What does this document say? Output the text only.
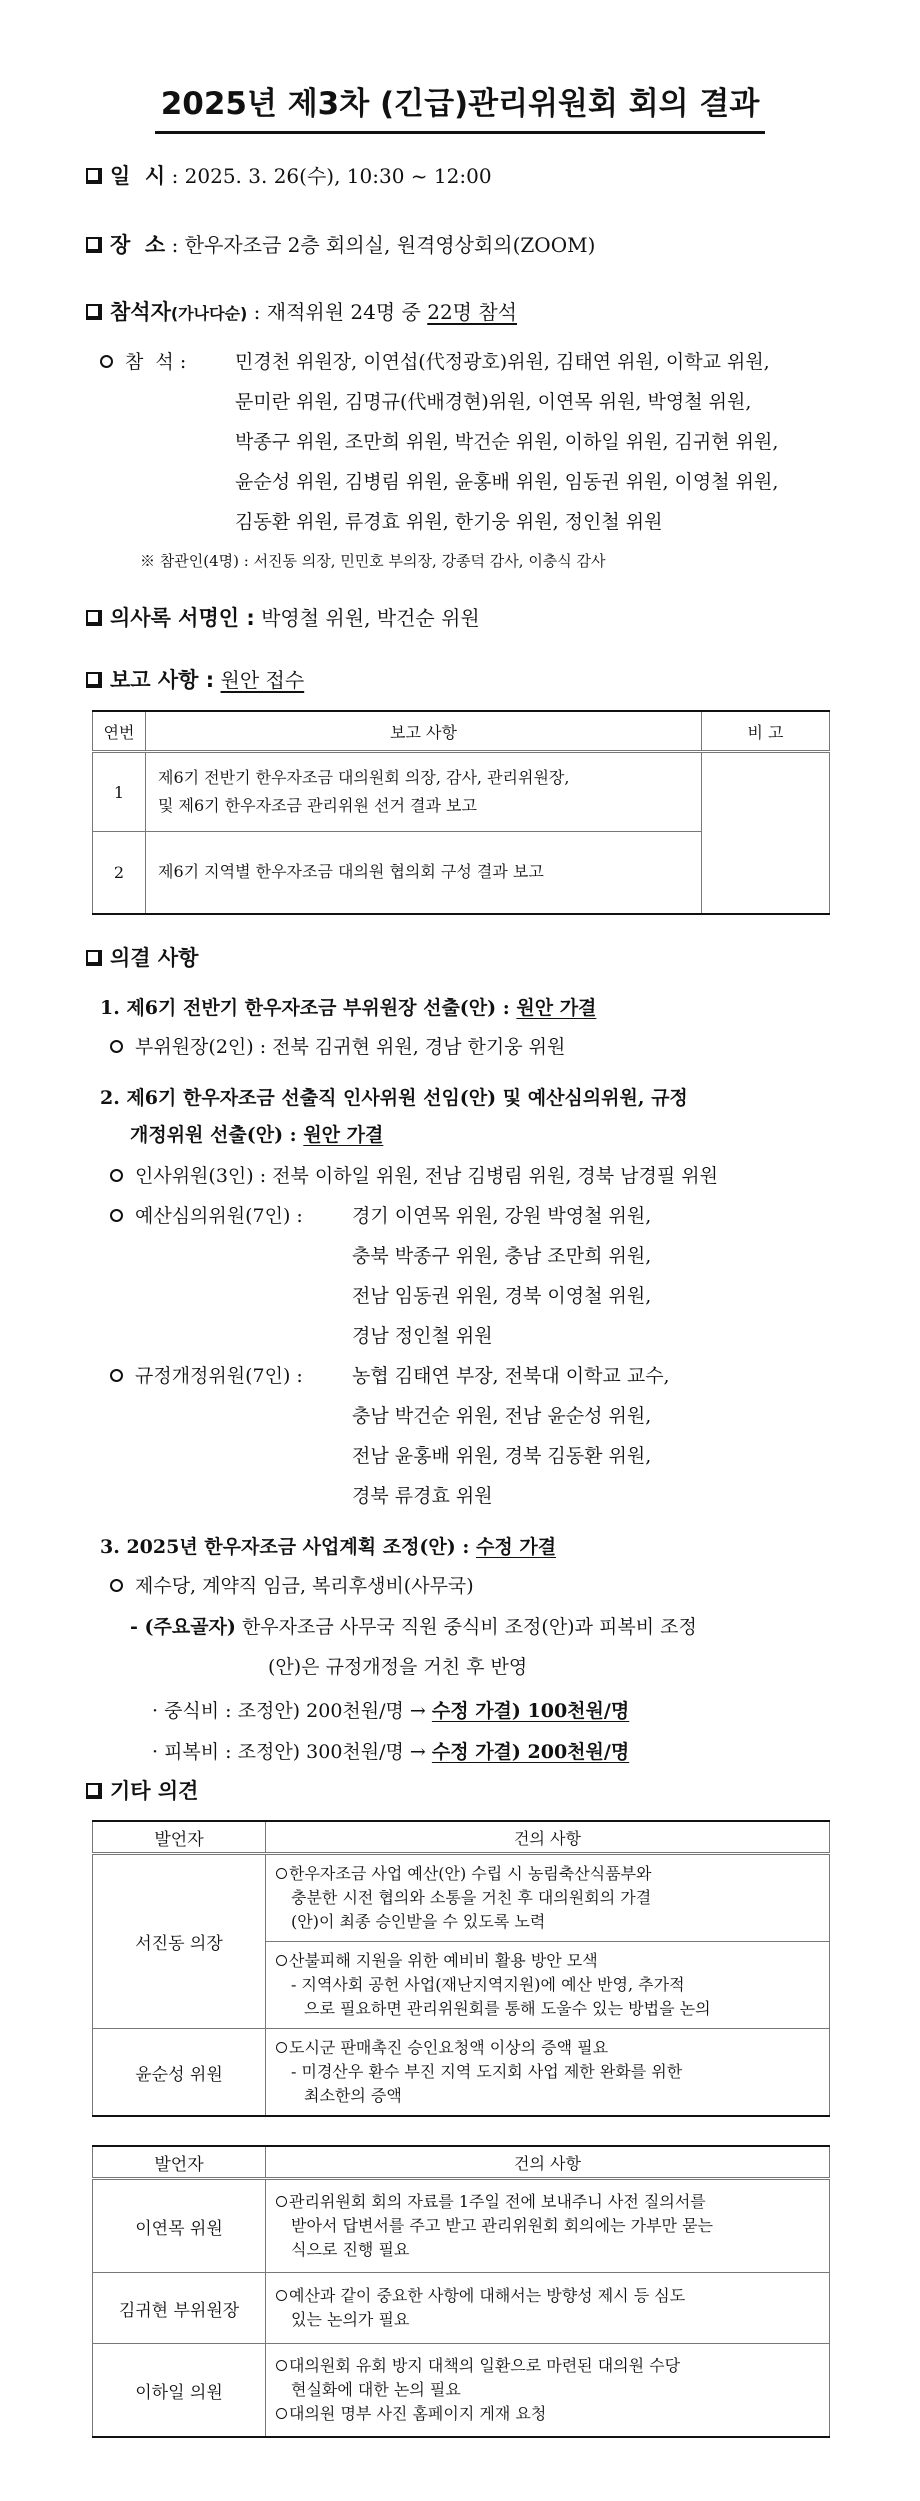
2025년 제3차 (긴급)관리위원회 회의 결과
일  시 : 2025. 3. 26(수), 10:30 ~ 12:00
장  소 : 한우자조금 2층 회의실, 원격영상회의(ZOOM)
참석자(가나다순) : 재적위원 24명 중 22명 참석
참  석 :	민경천 위원장, 이연섭(代정광호)위원, 김태연 위원, 이학교 위원,
문미란 위원, 김명규(代배경현)위원, 이연목 위원, 박영철 위원,
박종구 위원, 조만희 위원, 박건순 위원, 이하일 위원, 김귀현 위원,
윤순성 위원, 김병림 위원, 윤홍배 위원, 임동권 위원, 이영철 위원,
김동환 위원, 류경효 위원, 한기웅 위원, 정인철 위원
※ 참관인(4명) : 서진동 의장, 민민호 부의장, 강종덕 감사, 이충식 감사
의사록 서명인 : 박영철 위원, 박건순 위원
보고 사항 : 원안 접수
연번	보고 사항	비 고
1	제6기 전반기 한우자조금 대의원회 의장, 감사, 관리위원장,
및 제6기 한우자조금 관리위원 선거 결과 보고	

2	제6기 지역별 한우자조금 대의원 협의회 구성 결과 보고	
의결 사항
1. 제6기 전반기 한우자조금 부위원장 선출(안) : 원안 가결
부위원장(2인) : 전북 김귀현 위원, 경남 한기웅 위원
2. 제6기 한우자조금 선출직 인사위원 선임(안) 및 예산심의위원, 규정
개정위원 선출(안) : 원안 가결
인사위원(3인) : 전북 이하일 위원, 전남 김병림 위원, 경북 남경필 위원
예산심의위원(7인) :	경기 이연목 위원, 강원 박영철 위원,
충북 박종구 위원, 충남 조만희 위원,
전남 임동권 위원, 경북 이영철 위원,
경남 정인철 위원
규정개정위원(7인) :	농협 김태연 부장, 전북대 이학교 교수,
충남 박건순 위원, 전남 윤순성 위원,
전남 윤홍배 위원, 경북 김동환 위원,
경북 류경효 위원
3. 2025년 한우자조금 사업계획 조정(안) : 수정 가결
제수당, 계약직 임금, 복리후생비(사무국)
- (주요골자) 한우자조금 사무국 직원 중식비 조정(안)과 피복비 조정
(안)은 규정개정을 거친 후 반영
· 중식비 : 조정안) 200천원/명 → 수정 가결) 100천원/명
· 피복비 : 조정안) 300천원/명 → 수정 가결) 200천원/명
기타 의견
발언자	건의 사항
서진동 의장	한우자조금 사업 예산(안) 수립 시 농림축산식품부와
충분한 시전 협의와 소통을 거친 후 대의원회의 가결
(안)이 최종 승인받을 수 있도록 노력

	산불피해 지원을 위한 예비비 활용 방안 모색
- 지역사회 공헌 사업(재난지역지원)에 예산 반영, 추가적
으로 필요하면 관리위원회를 통해 도울수 있는 방법을 논의

윤순성 위원	도시군 판매촉진 승인요청액 이상의 증액 필요
- 미경산우 환수 부진 지역 도지회 사업 제한 완화를 위한
최소한의 증액
발언자	건의 사항
이연목 위원	관리위원회 회의 자료를 1주일 전에 보내주니 사전 질의서를
받아서 답변서를 주고 받고 관리위원회 회의에는 가부만 묻는
식으로 진행 필요

김귀현 부위원장	예산과 같이 중요한 사항에 대해서는 방향성 제시 등 심도
있는 논의가 필요

이하일 의원	대의원회 유회 방지 대책의 일환으로 마련된 대의원 수당
현실화에 대한 논의 필요
대의원 명부 사진 홈페이지 게재 요청
